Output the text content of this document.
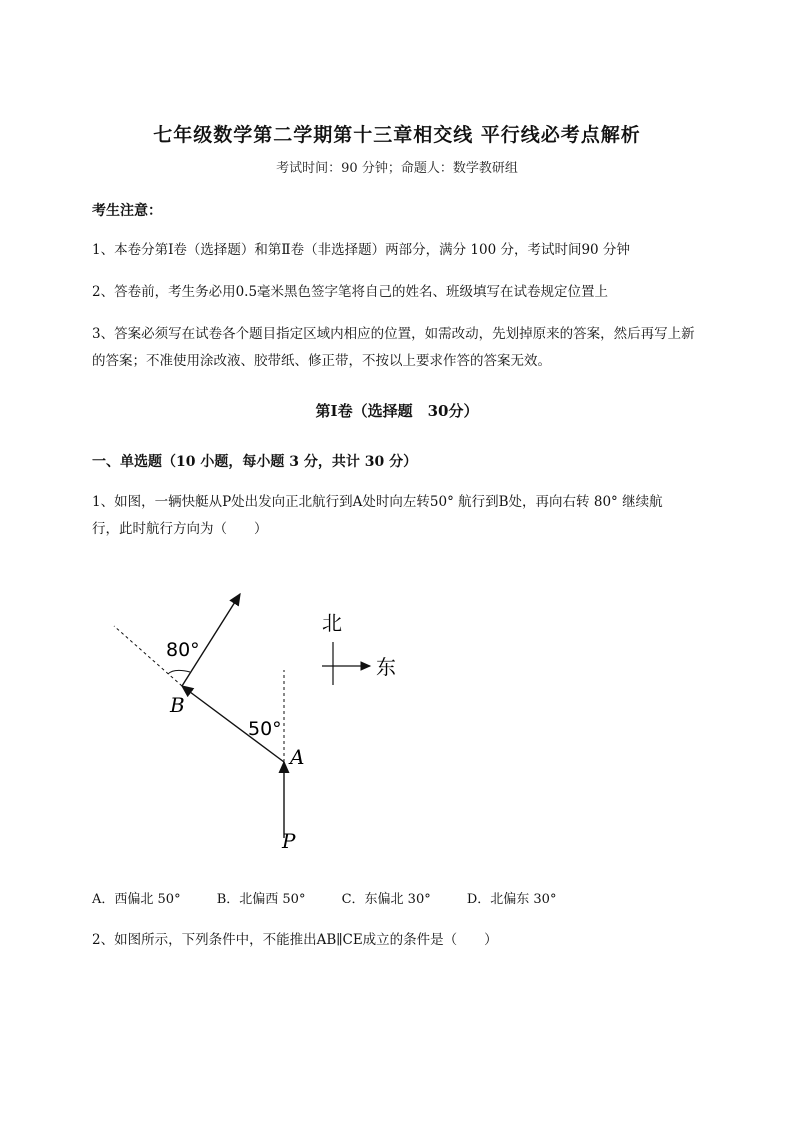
七年级数学第二学期第十三章相交线 平行线必考点解析
考试时间：90 分钟；命题人：数学教研组
考生注意：
1、本卷分第Ⅰ卷（选择题）和第Ⅱ卷（非选择题）两部分，满分 100 分，考试时间90 分钟
2、答卷前，考生务必用0.5毫米黑色签字笔将自己的姓名、班级填写在试卷规定位置上
3、答案必须写在试卷各个题目指定区域内相应的位置，如需改动，先划掉原来的答案，然后再写上新的答案；不准使用涂改液、胶带纸、修正带，不按以上要求作答的答案无效。
第Ⅰ卷（选择题　30分）
一、单选题（10 小题，每小题 3 分，共计 30 分）
1、如图，一辆快艇从P处出发向正北航行到A处时向左转50° 航行到B处，再向右转 80° 继续航
行，此时航行方向为（　　）
80°
50°
B
A
P
北
东
A．西偏北 50°	B．北偏西 50°	C．东偏北 30°	D．北偏东 30°
2、如图所示，下列条件中，不能推出AB∥CE成立的条件是（　　）
